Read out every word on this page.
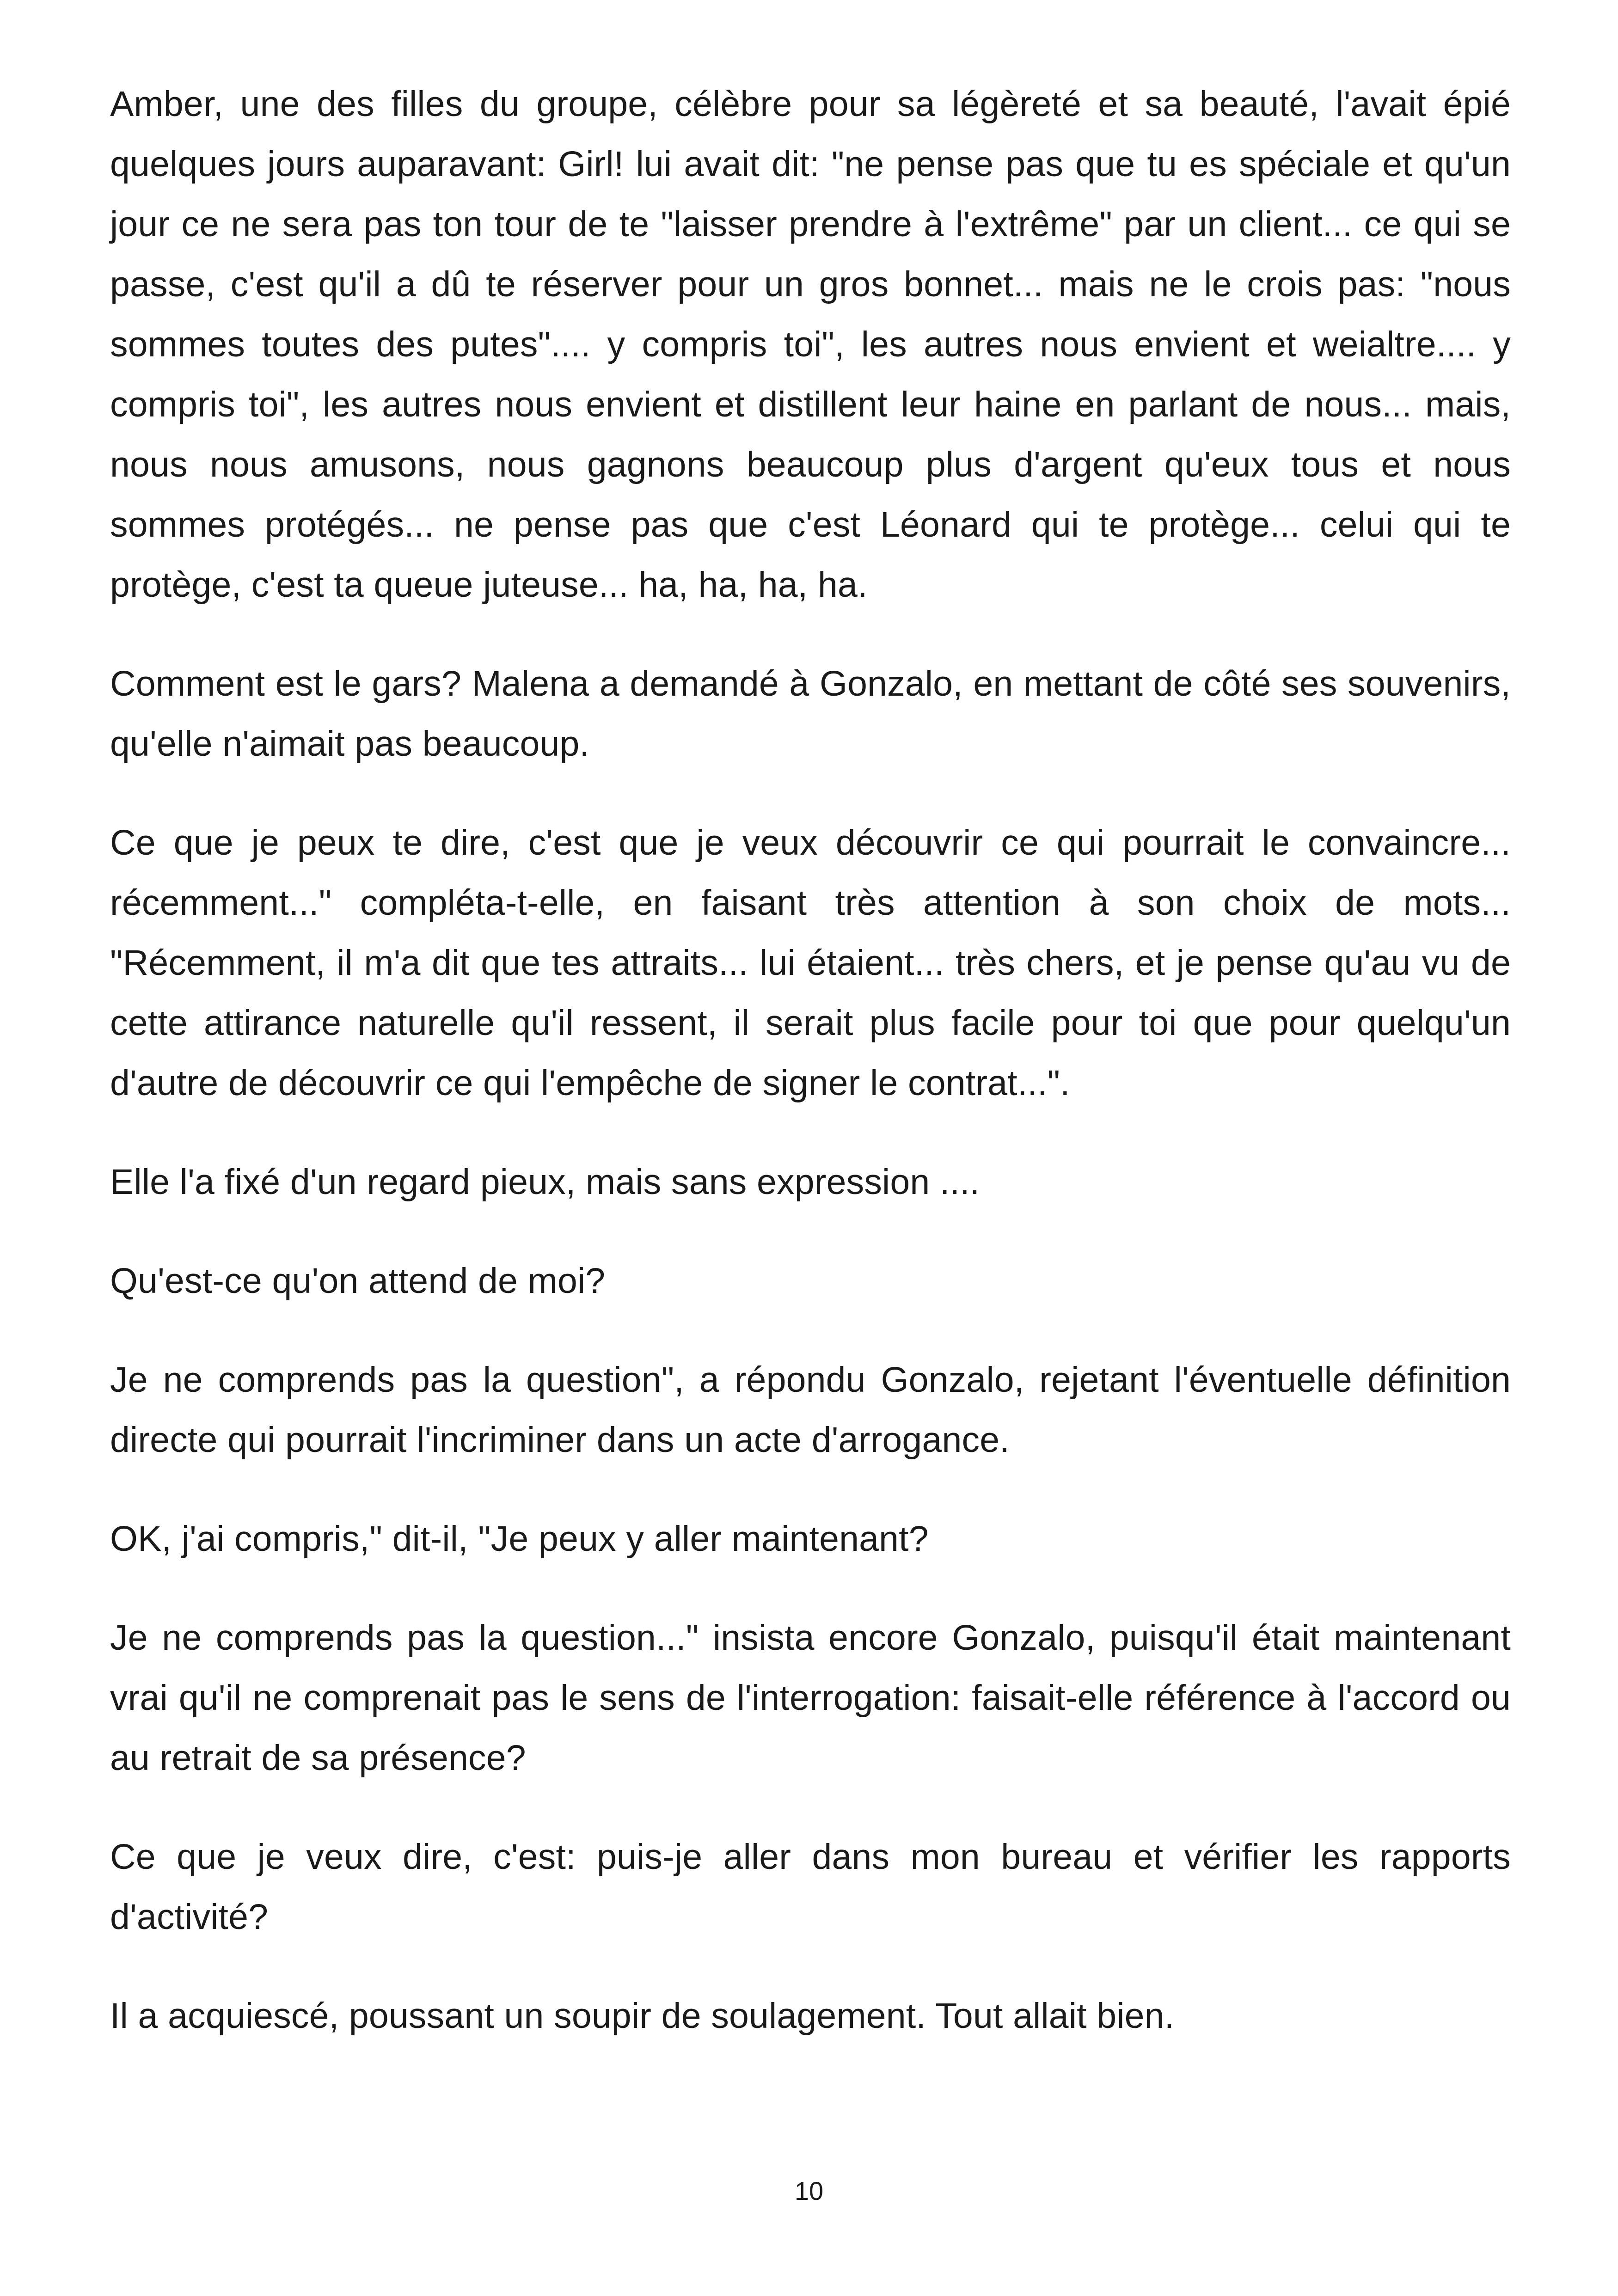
Amber, une des filles du groupe, célèbre pour sa légèreté et sa beauté, l'avait épié quelques jours auparavant: Girl! lui avait dit: "ne pense pas que tu es spéciale et qu'un jour ce ne sera pas ton tour de te "laisser prendre à l'extrême" par un client... ce qui se passe, c'est qu'il a dû te réserver pour un gros bonnet... mais ne le crois pas: "nous sommes toutes des putes".... y compris toi", les autres nous envient et weialtre.... y compris toi", les autres nous envient et distillent leur haine en parlant de nous... mais, nous nous amusons, nous gagnons beaucoup plus d'argent qu'eux tous et nous sommes protégés... ne pense pas que c'est Léonard qui te protège... celui qui te protège, c'est ta queue juteuse... ha, ha, ha, ha.

Comment est le gars? Malena a demandé à Gonzalo, en mettant de côté ses souvenirs, qu'elle n'aimait pas beaucoup.

Ce que je peux te dire, c'est que je veux découvrir ce qui pourrait le convaincre... récemment..." compléta-t-elle, en faisant très attention à son choix de mots... "Récemment, il m'a dit que tes attraits... lui étaient... très chers, et je pense qu'au vu de cette attirance naturelle qu'il ressent, il serait plus facile pour toi que pour quelqu'un d'autre de découvrir ce qui l'empêche de signer le contrat...".

Elle l'a fixé d'un regard pieux, mais sans expression ....

Qu'est-ce qu'on attend de moi?

Je ne comprends pas la question", a répondu Gonzalo, rejetant l'éventuelle définition directe qui pourrait l'incriminer dans un acte d'arrogance.

OK, j'ai compris," dit-il, "Je peux y aller maintenant?

Je ne comprends pas la question..." insista encore Gonzalo, puisqu'il était maintenant vrai qu'il ne comprenait pas le sens de l'interrogation: faisait-elle référence à l'accord ou au retrait de sa présence?

Ce que je veux dire, c'est: puis-je aller dans mon bureau et vérifier les rapports d'activité?

Il a acquiescé, poussant un soupir de soulagement. Tout allait bien.

10
